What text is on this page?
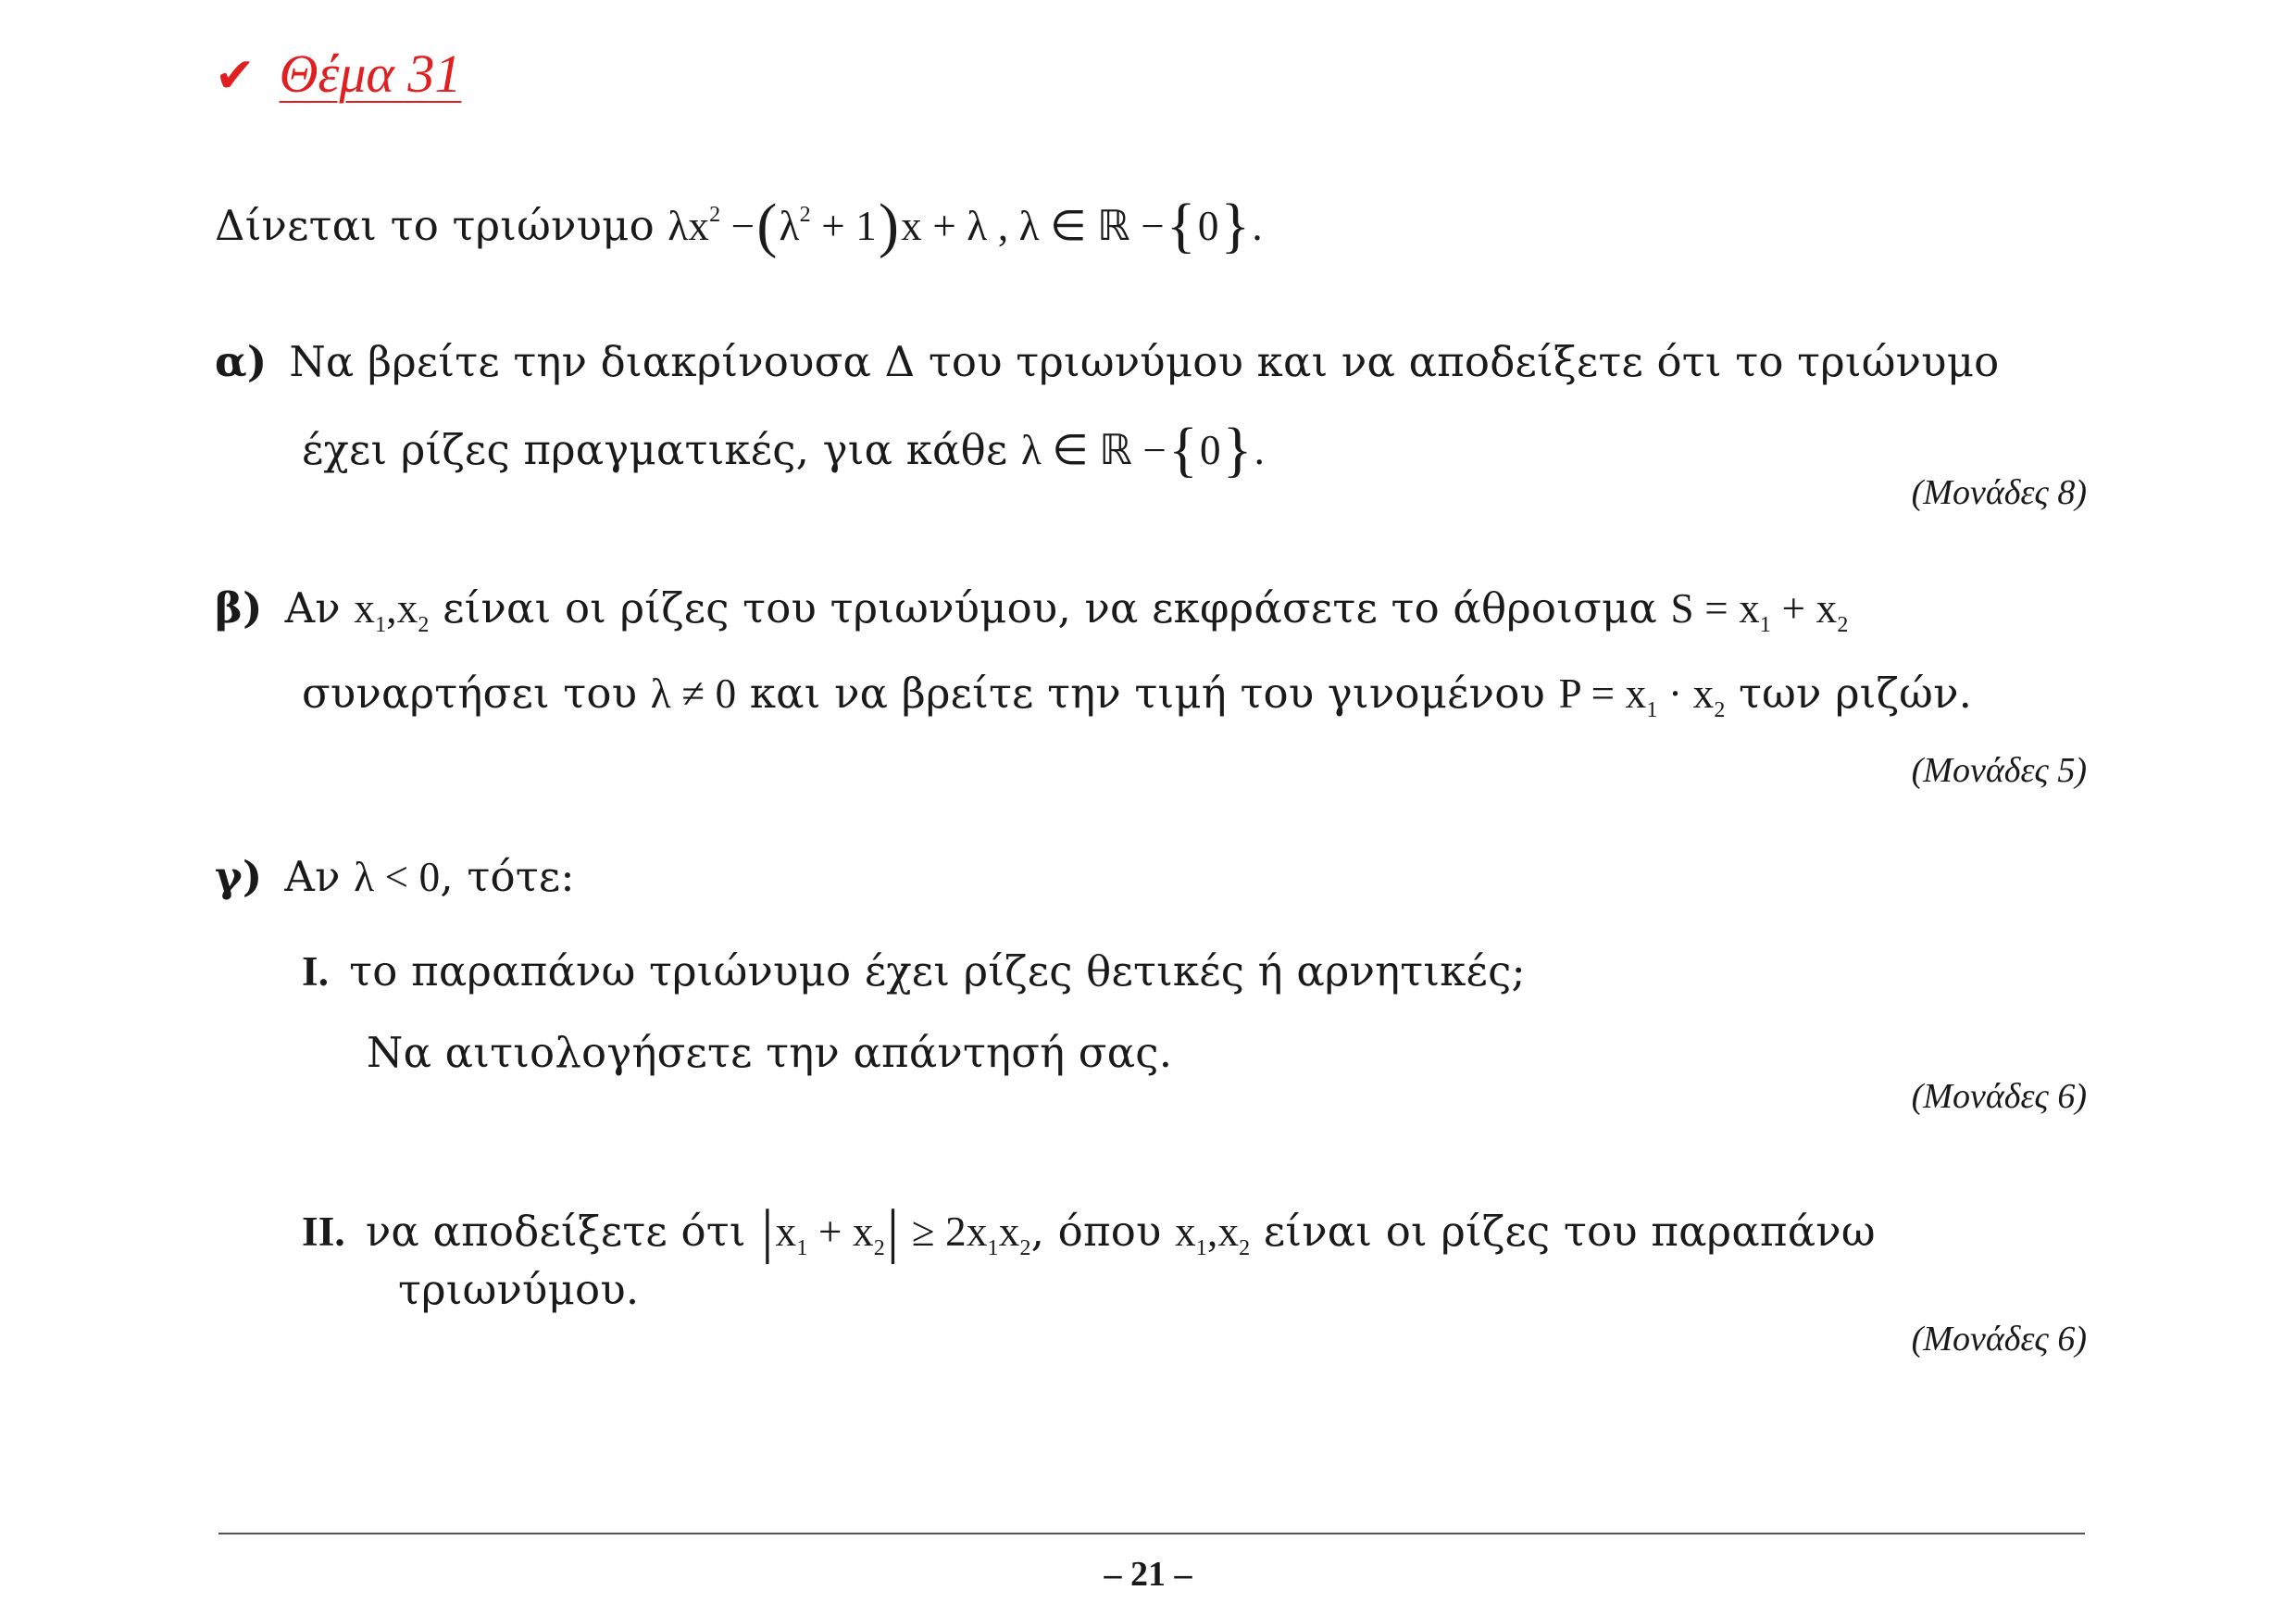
✔ Θέμα 31
Δίνεται το τριώνυμο $\lambda x^2 -(\lambda^2 + 1)x + \lambda$ , λ ∈ ℝ −{0}.
α) Να βρείτε την διακρίνουσα Δ του τριωνύμου και να αποδείξετε ότι το τριώνυμο
έχει ρίζες πραγματικές, για κάθε λ ∈ ℝ −{0}.
(Μονάδες 8)
β) Αν $x_1,x_2$ είναι οι ρίζες του τριωνύμου, να εκφράσετε το άθροισμα $S = x_1 + x_2$
συναρτήσει του λ ≠ 0 και να βρείτε την τιμή του γινομένου $P = x_1 \cdot x_2$ των ριζών.
(Μονάδες 5)
γ) Αν λ < 0, τότε:
I. το παραπάνω τριώνυμο έχει ρίζες θετικές ή αρνητικές;
Να αιτιολογήσετε την απάντησή σας.
(Μονάδες 6)
II. να αποδείξετε ότι $|x_1 + x_2| \ge 2x_1x_2$, όπου $x_1,x_2$ είναι οι ρίζες του παραπάνω
τριωνύμου.
(Μονάδες 6)
– 21 –
